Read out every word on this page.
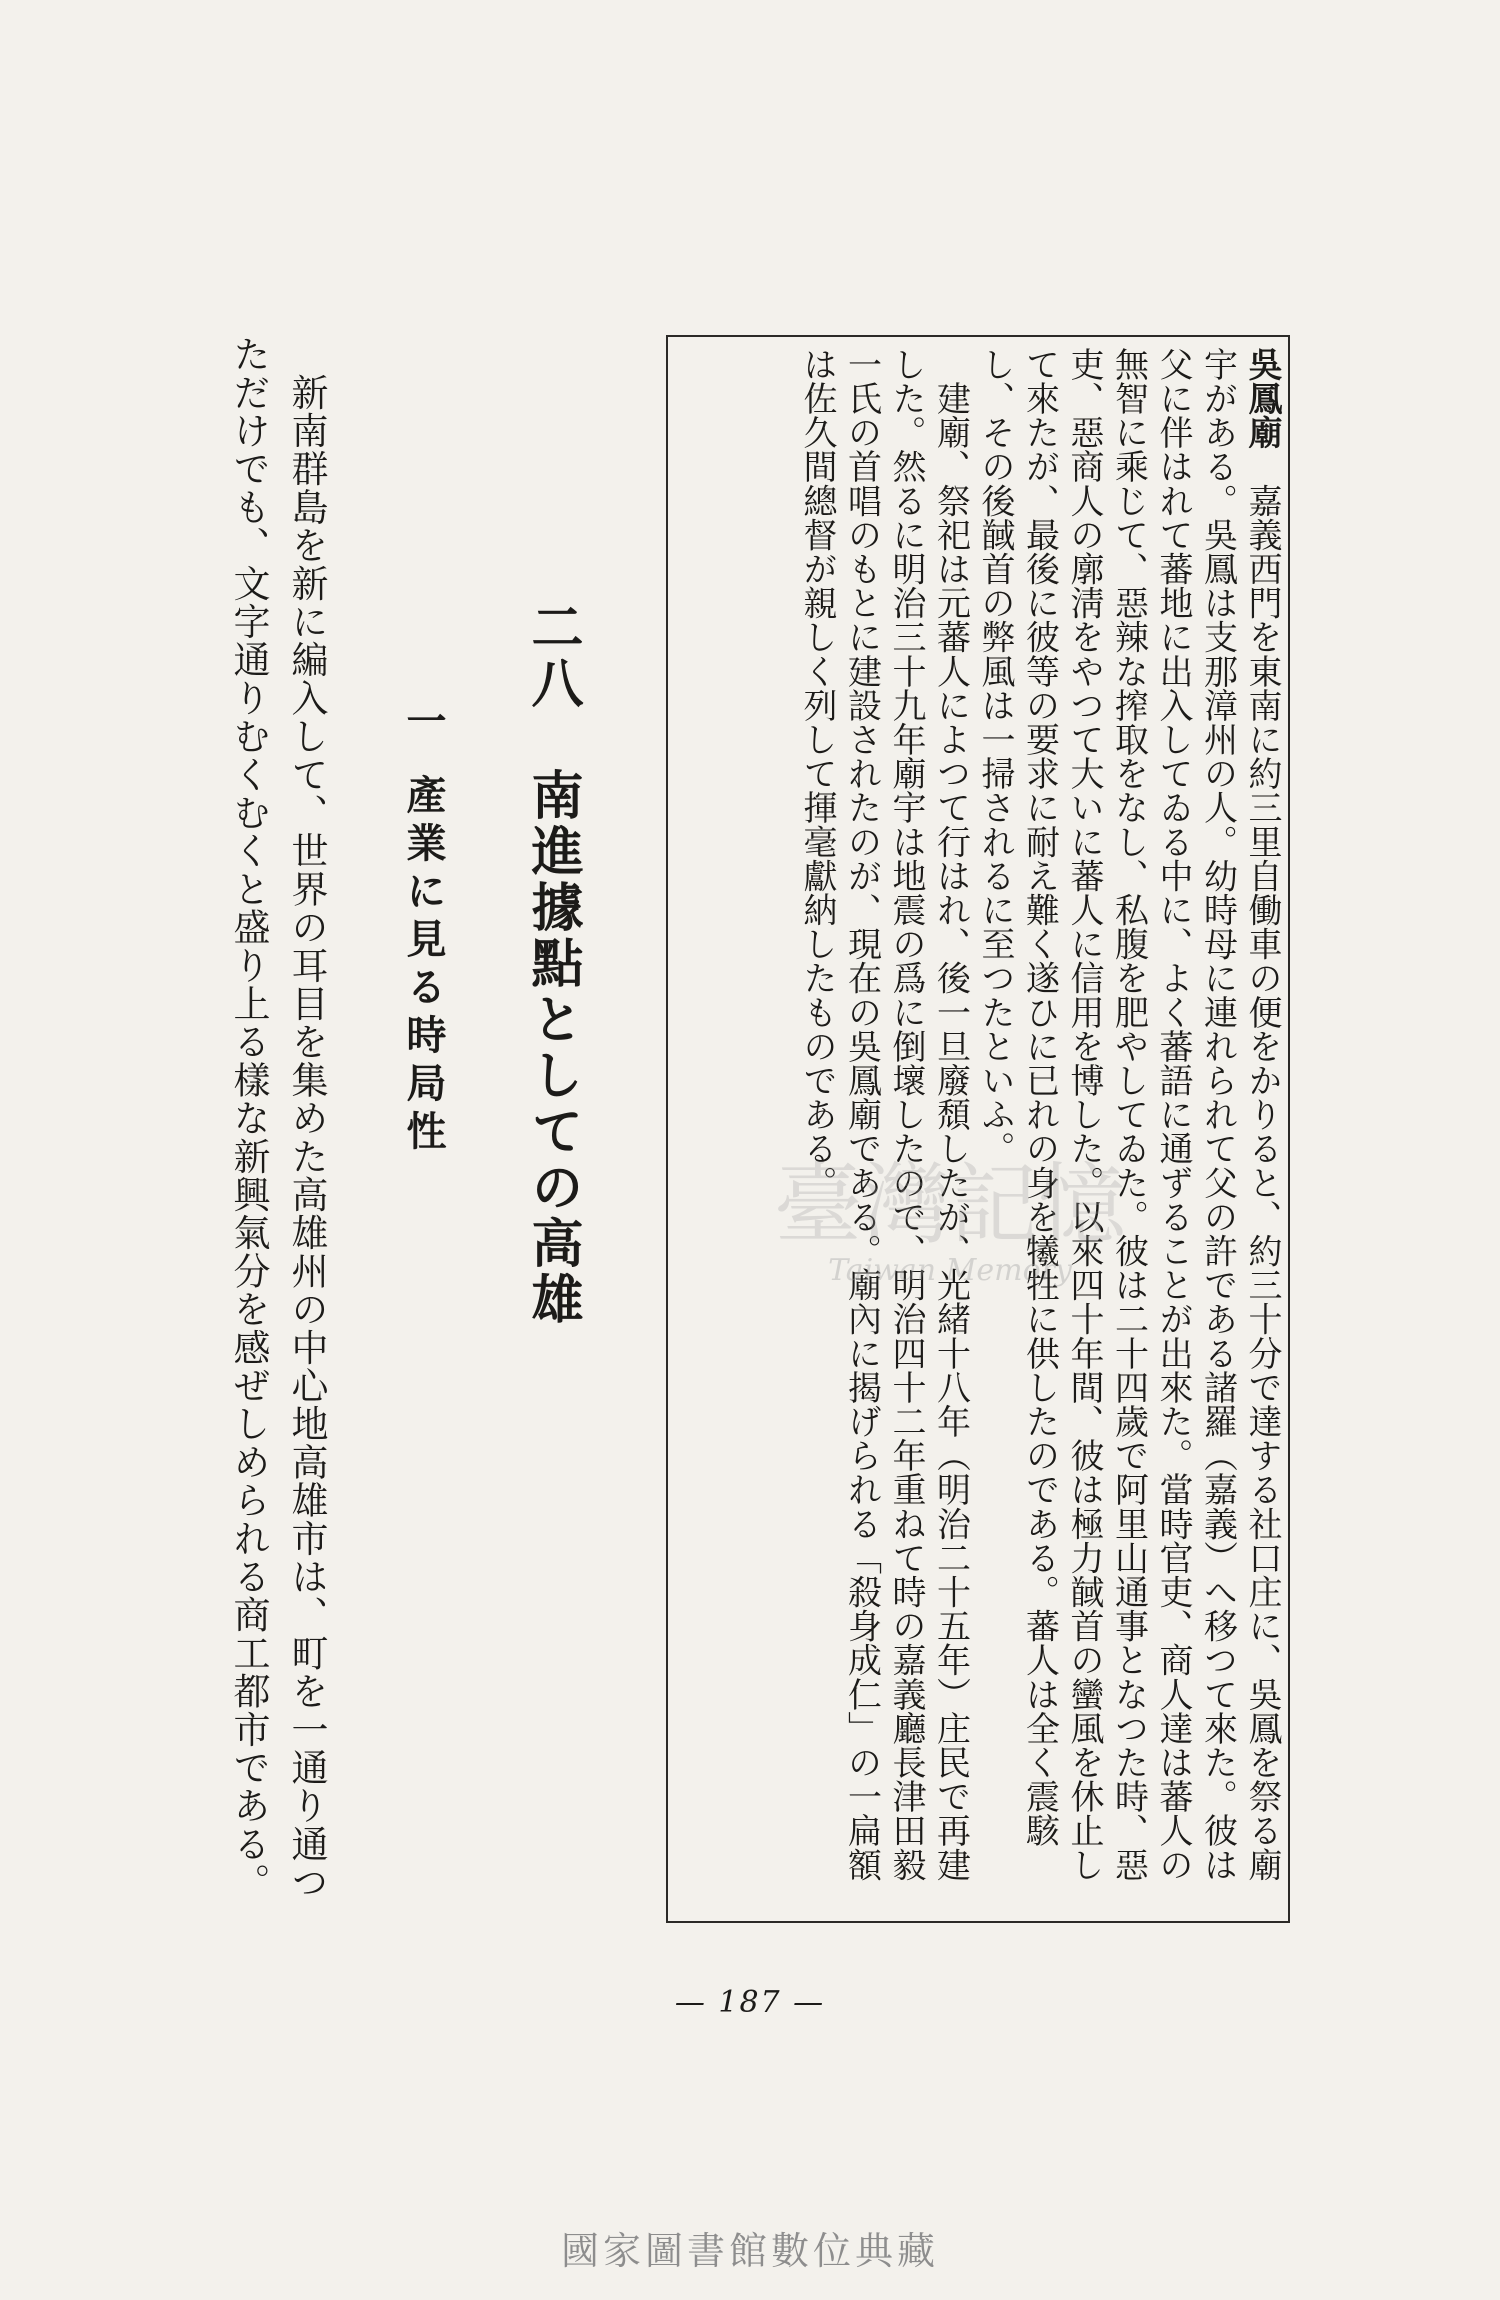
吳鳳廟　嘉義西門を東南に約三里自働車の便をかりると、約三十分で達する社口庄に、吳鳳を祭る廟宇がある。吳鳳は支那漳州の人。幼時母に連れられて父の許である諸羅（嘉義）へ移つて來た。彼は父に伴はれて蕃地に出入してゐる中に、よく蕃語に通ずることが出來た。當時官吏、商人達は蕃人の無智に乘じて、惡辣な搾取をなし、私腹を肥やしてゐた。彼は二十四歲で阿里山通事となつた時、惡吏、惡商人の廓淸をやつて大いに蕃人に信用を博した。以來四十年間、彼は極力馘首の蠻風を休止して來たが、最後に彼等の要求に耐え難く遂ひに已れの身を犧牲に供したのである。蕃人は全く震駭し、その後馘首の弊風は一掃されるに至つたといふ。

　建廟、祭祀は元蕃人によつて行はれ、後一旦廢頹したが、光緒十八年（明治二十五年）庄民で再建した。然るに明治三十九年廟宇は地震の爲に倒壞したので、明治四十二年重ねて時の嘉義廳長津田毅一氏の首唱のもとに建設されたのが、現在の吳鳳廟である。廟內に揭げられる「殺身成仁」の一扁額は佐久間總督が親しく列して揮毫獻納したものである。

二八　南進據點としての高雄
一產業に見る時局性
　新南群島を新に編入して、世界の耳目を集めた高雄州の中心地高雄市は、町を一通り通つただけでも、文字通りむくむくと盛り上る樣な新興氣分を感ぜしめられる商工都市である。
— 187 —
臺灣記憶
Taiwan Memory
國家圖書館數位典藏
